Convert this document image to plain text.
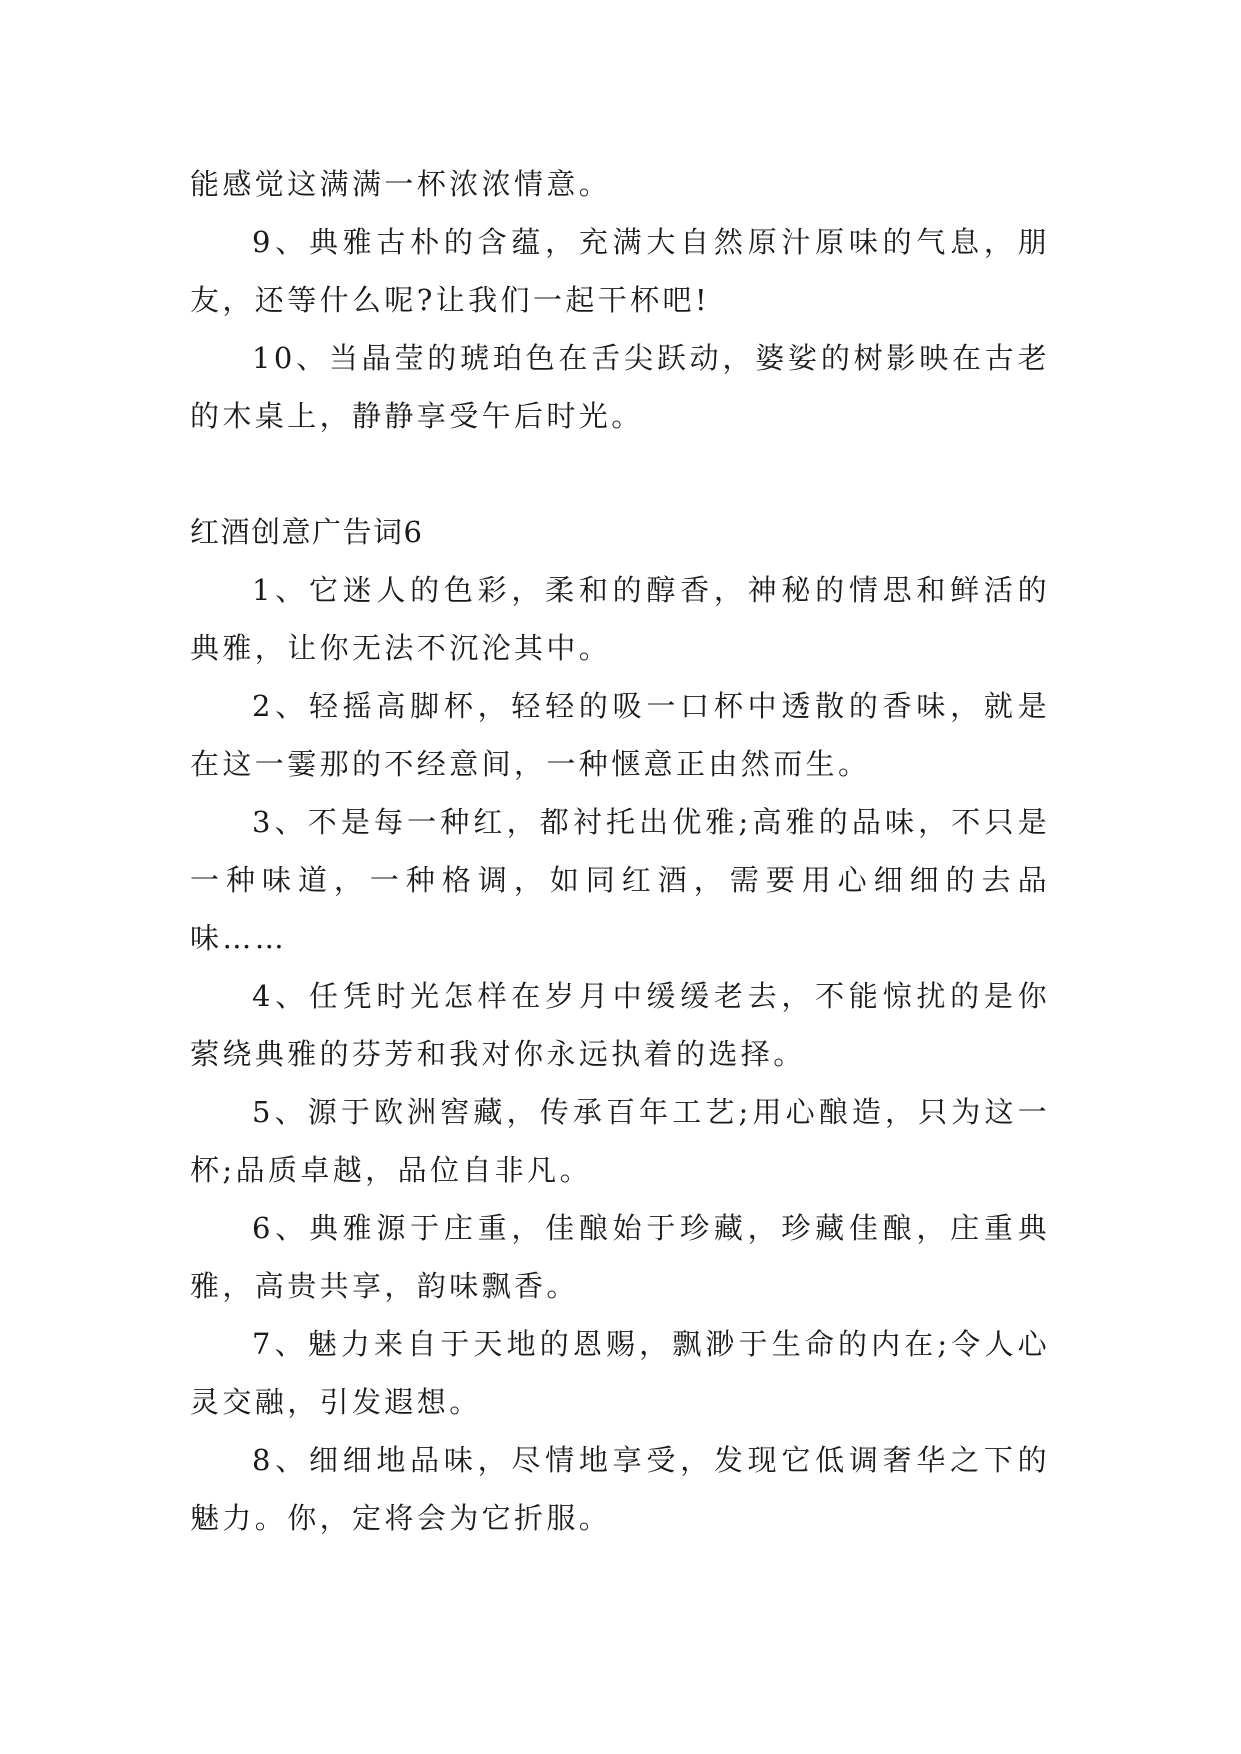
能感觉这满满一杯浓浓情意。

9、典雅古朴的含蕴，充满大自然原汁原味的气息，朋友，还等什么呢?让我们一起干杯吧!

10、当晶莹的琥珀色在舌尖跃动，婆娑的树影映在古老的木桌上，静静享受午后时光。

红酒创意广告词6

1、它迷人的色彩，柔和的醇香，神秘的情思和鲜活的典雅，让你无法不沉沦其中。

2、轻摇高脚杯，轻轻的吸一口杯中透散的香味，就是在这一霎那的不经意间，一种惬意正由然而生。

3、不是每一种红，都衬托出优雅;高雅的品味，不只是一种味道，一种格调，如同红酒，需要用心细细的去品味……

4、任凭时光怎样在岁月中缓缓老去，不能惊扰的是你萦绕典雅的芬芳和我对你永远执着的选择。

5、源于欧洲窖藏，传承百年工艺;用心酿造，只为这一杯;品质卓越，品位自非凡。

6、典雅源于庄重，佳酿始于珍藏，珍藏佳酿，庄重典雅，高贵共享，韵味飘香。

7、魅力来自于天地的恩赐，飘渺于生命的内在;令人心灵交融，引发遐想。

8、细细地品味，尽情地享受，发现它低调奢华之下的魅力。你，定将会为它折服。
